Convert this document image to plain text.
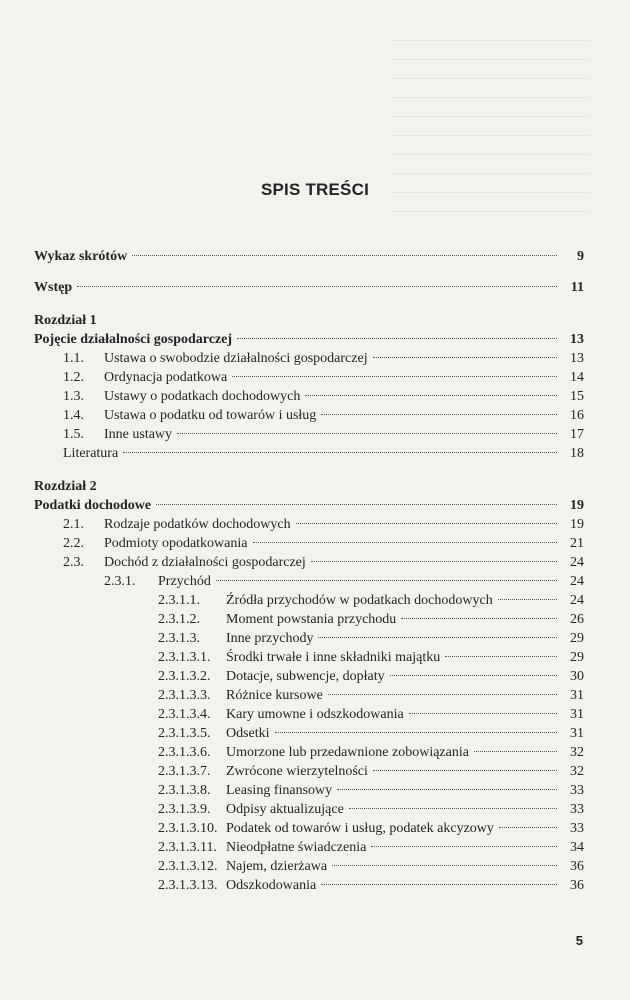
SPIS TREŚCI
Wykaz skrótów	9
Wstęp	11
Rozdział 1
Pojęcie działalności gospodarczej	13
1.1. Ustawa o swobodzie działalności gospodarczej	13
1.2. Ordynacja podatkowa	14
1.3. Ustawy o podatkach dochodowych	15
1.4. Ustawa o podatku od towarów i usług	16
1.5. Inne ustawy	17
Literatura	18
Rozdział 2
Podatki dochodowe	19
2.1. Rodzaje podatków dochodowych	19
2.2. Podmioty opodatkowania	21
2.3. Dochód z działalności gospodarczej	24
2.3.1. Przychód	24
2.3.1.1. Źródła przychodów w podatkach dochodowych	24
2.3.1.2. Moment powstania przychodu	26
2.3.1.3. Inne przychody	29
2.3.1.3.1. Środki trwałe i inne składniki majątku	29
2.3.1.3.2. Dotacje, subwencje, dopłaty	30
2.3.1.3.3. Różnice kursowe	31
2.3.1.3.4. Kary umowne i odszkodowania	31
2.3.1.3.5. Odsetki	31
2.3.1.3.6. Umorzone lub przedawnione zobowiązania	32
2.3.1.3.7. Zwrócone wierzytelności	32
2.3.1.3.8. Leasing finansowy	33
2.3.1.3.9. Odpisy aktualizujące	33
2.3.1.3.10. Podatek od towarów i usług, podatek akcyzowy	33
2.3.1.3.11. Nieodpłatne świadczenia	34
2.3.1.3.12. Najem, dzierżawa	36
2.3.1.3.13. Odszkodowania	36
5
